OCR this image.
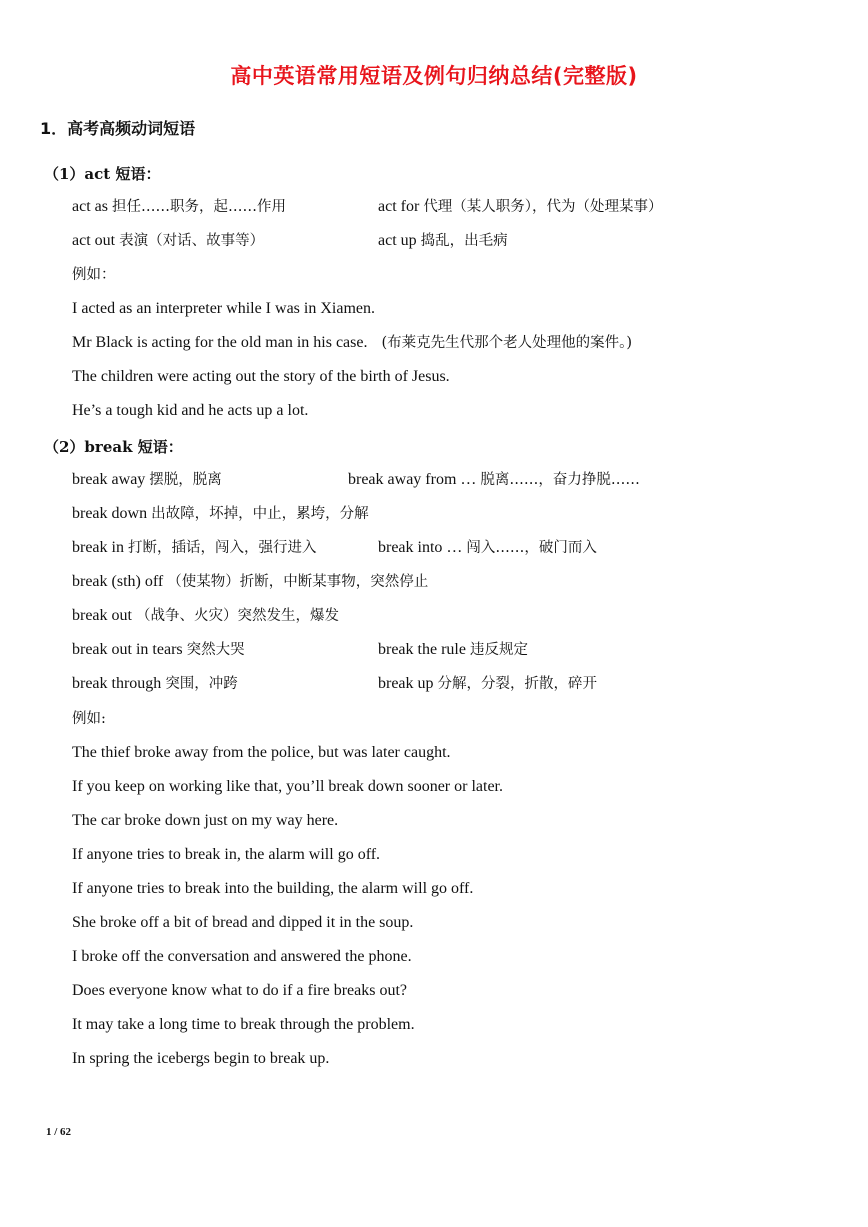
高中英语常用短语及例句归纳总结(完整版)
1．高考高频动词短语
（1）act 短语：
act as 担任……职务，起……作用	act for 代理（某人职务），代为（处理某事）
act out 表演（对话、故事等）	act up 捣乱，出毛病
例如：
I acted as an interpreter while I was in Xiamen.
Mr Black is acting for the old man in his case. (布莱克先生代那个老人处理他的案件。)
The children were acting out the story of the birth of Jesus.
He’s a tough kid and he acts up a lot.
（2）break 短语：
break away 摆脱，脱离	break away from … 脱离……，奋力挣脱……
break down 出故障，坏掉，中止，累垮，分解
break in 打断，插话，闯入，强行进入	break into … 闯入……，破门而入
break (sth) off （使某物）折断，中断某事物，突然停止
break out （战争、火灾）突然发生，爆发
break out in tears 突然大哭	break the rule 违反规定
break through 突围，冲跨	break up 分解，分裂，折散，碎开
例如:
The thief broke away from the police, but was later caught.
If you keep on working like that, you’ll break down sooner or later.
The car broke down just on my way here.
If anyone tries to break in, the alarm will go off.
If anyone tries to break into the building, the alarm will go off.
She broke off a bit of bread and dipped it in the soup.
I broke off the conversation and answered the phone.
Does everyone know what to do if a fire breaks out?
It may take a long time to break through the problem.
In spring the icebergs begin to break up.
1 / 62
